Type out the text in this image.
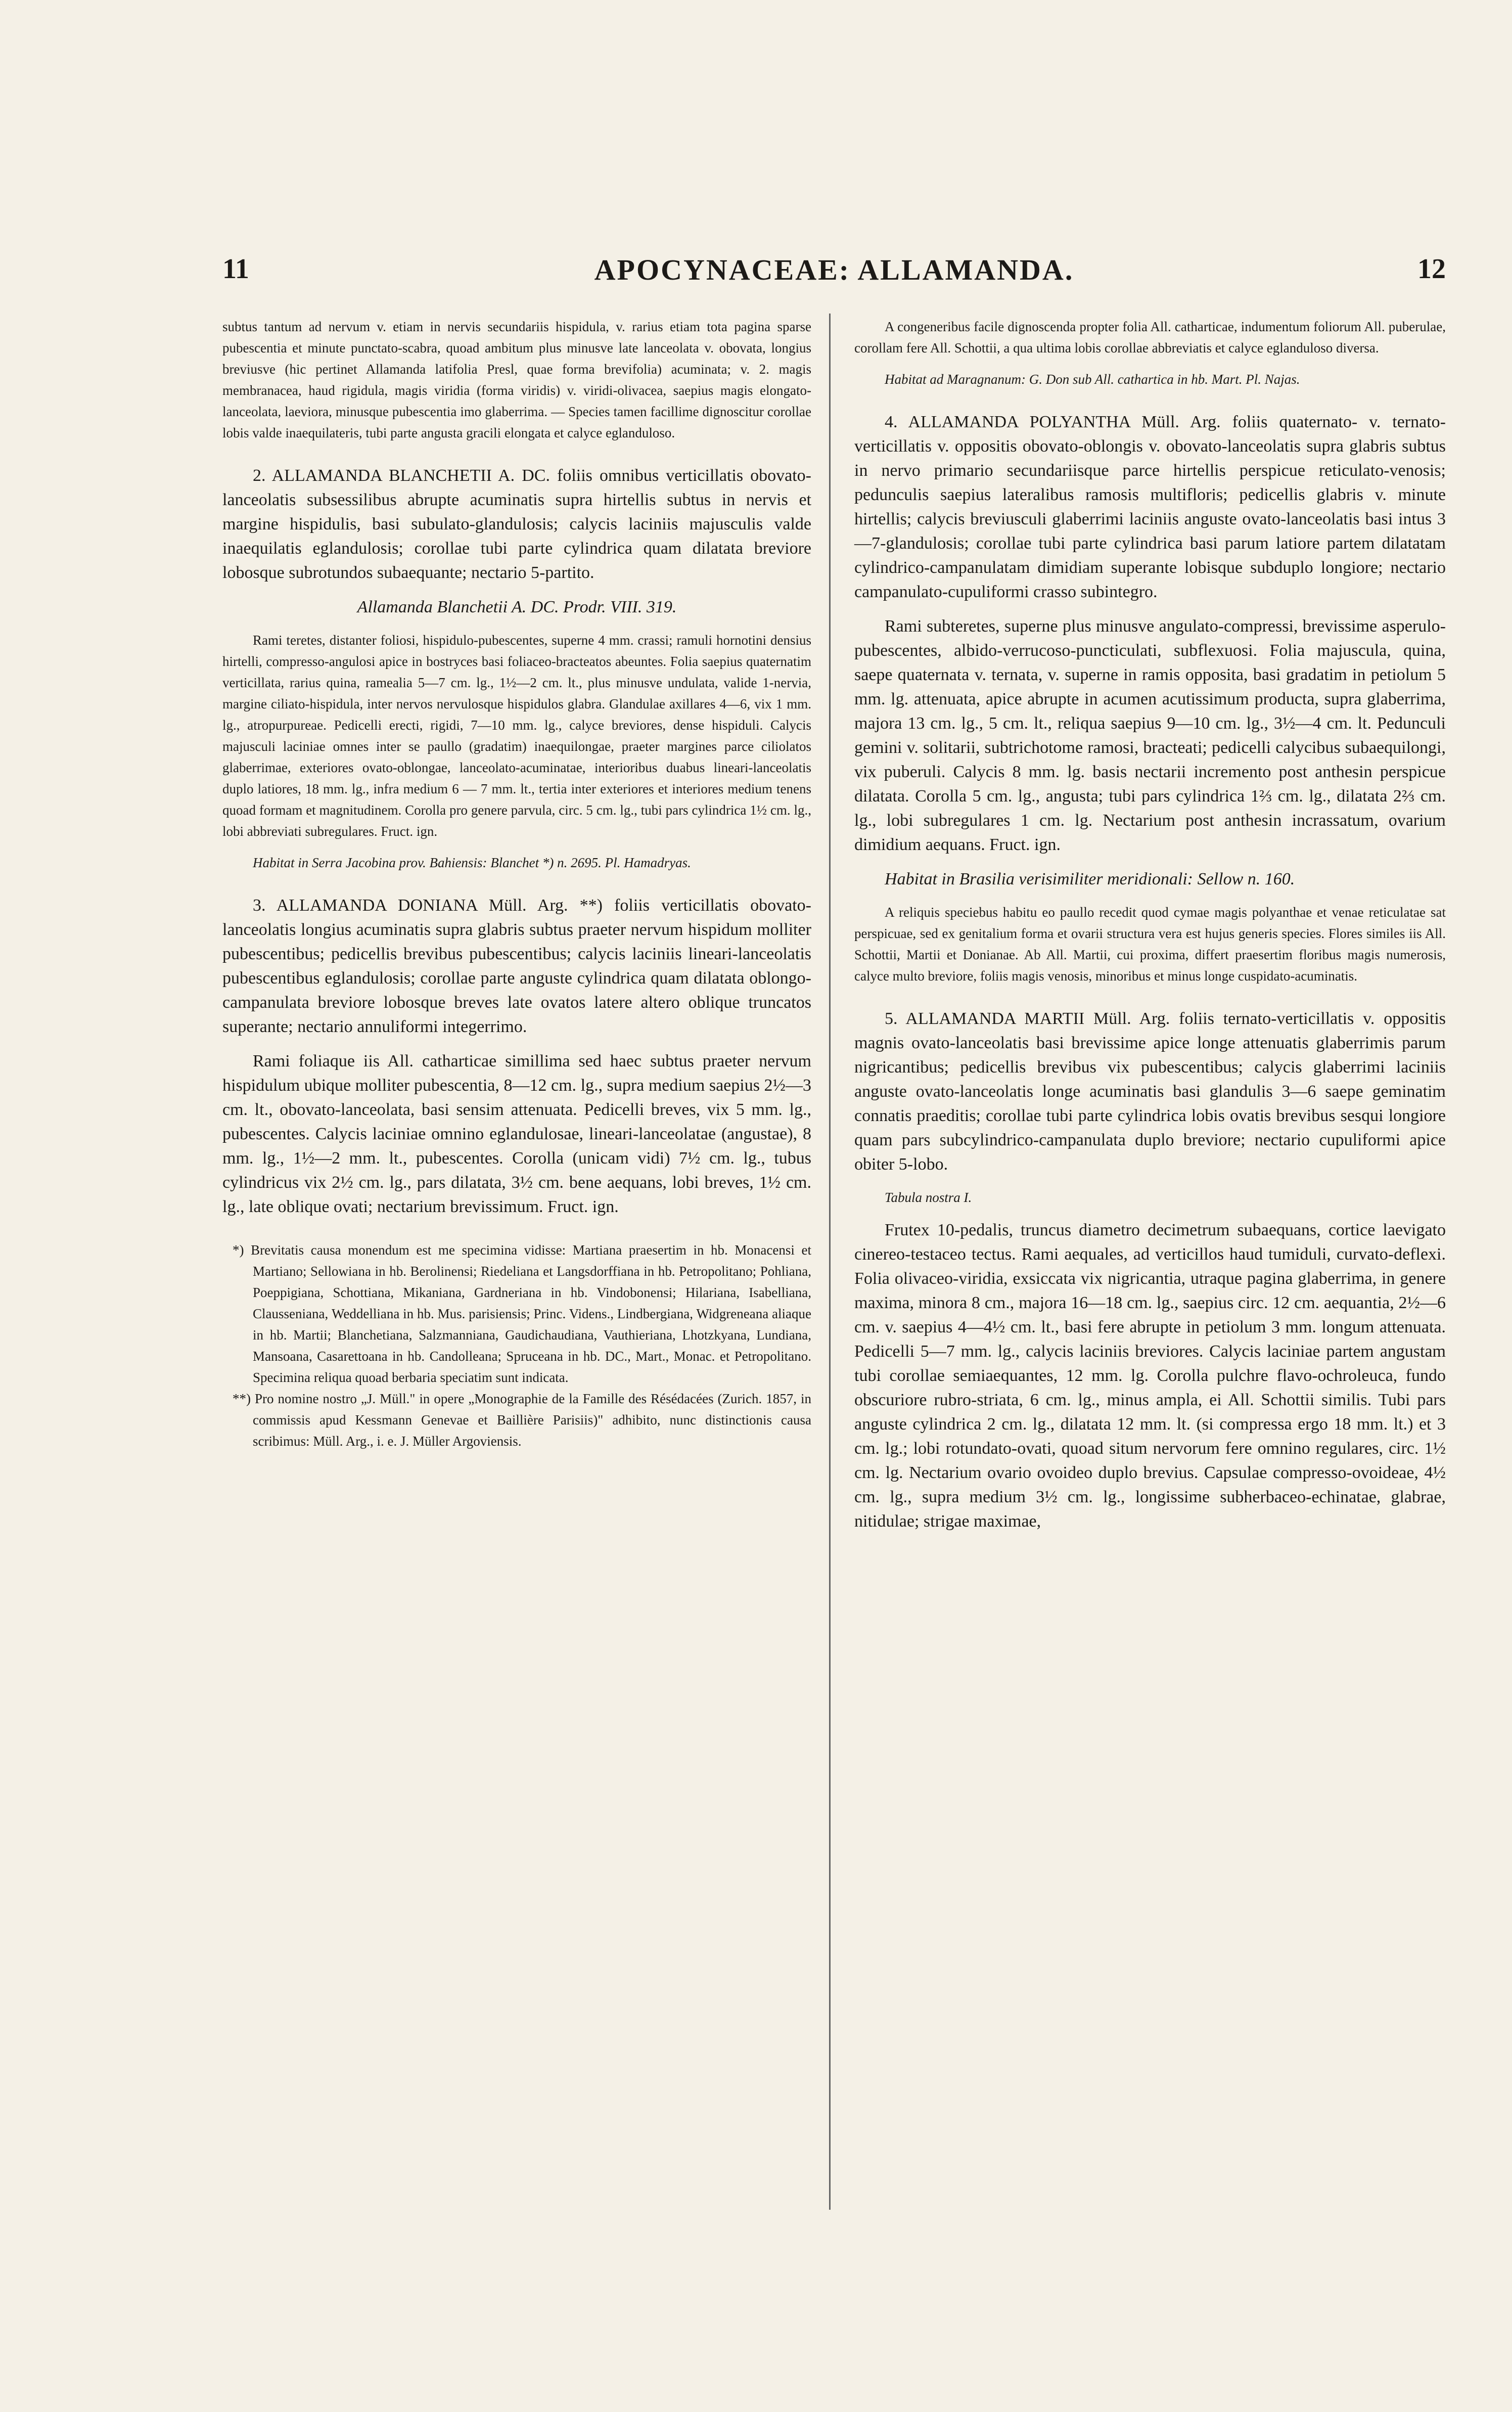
11	APOCYNACEAE: ALLAMANDA.	12

subtus tantum ad nervum v. etiam in nervis secundariis hispidula, v. rarius etiam tota pagina sparse pubescentia et minute punctato-scabra, quoad ambitum plus minusve late lanceolata v. obovata, longius breviusve (hic pertinet Allamanda latifolia Presl, quae forma brevifolia) acuminata; v. 2. magis membranacea, haud rigidula, magis viridia (forma viridis) v. viridi-olivacea, saepius magis elongato-lanceolata, laeviora, minusque pubescentia imo glaberrima. — Species tamen facillime dignoscitur corollae lobis valde inaequilateris, tubi parte angusta gracili elongata et calyce eglanduloso.

2. ALLAMANDA BLANCHETII A. DC. foliis omnibus verticillatis obovato-lanceolatis subsessilibus abrupte acuminatis supra hirtellis subtus in nervis et margine hispidulis, basi subulato-glandulosis; calycis laciniis majusculis valde inaequilatis eglandulosis; corollae tubi parte cylindrica quam dilatata breviore lobosque subrotundos subaequante; nectario 5-partito.

Allamanda Blanchetii A. DC. Prodr. VIII. 319.

Rami teretes, distanter foliosi, hispidulo-pubescentes, superne 4 mm. crassi; ramuli hornotini densius hirtelli, compresso-angulosi apice in bostryces basi foliaceo-bracteatos abeuntes. Folia saepius quaternatim verticillata, rarius quina, ramealia 5—7 cm. lg., 1½—2 cm. lt., plus minusve undulata, valide 1-nervia, margine ciliato-hispidula, inter nervos nervulosque hispidulos glabra. Glandulae axillares 4—6, vix 1 mm. lg., atropurpureae. Pedicelli erecti, rigidi, 7—10 mm. lg., calyce breviores, dense hispiduli. Calycis majusculi laciniae omnes inter se paullo (gradatim) inaequilongae, praeter margines parce ciliolatos glaberrimae, exteriores ovato-oblongae, lanceolato-acuminatae, interioribus duabus lineari-lanceolatis duplo latiores, 18 mm. lg., infra medium 6 — 7 mm. lt., tertia inter exteriores et interiores medium tenens quoad formam et magnitudinem. Corolla pro genere parvula, circ. 5 cm. lg., tubi pars cylindrica 1½ cm. lg., lobi abbreviati subregulares. Fruct. ign.

Habitat in Serra Jacobina prov. Bahiensis: Blanchet *) n. 2695. Pl. Hamadryas.

3. ALLAMANDA DONIANA Müll. Arg. **) foliis verticillatis obovato-lanceolatis longius acuminatis supra glabris subtus praeter nervum hispidum molliter pubescentibus; pedicellis brevibus pubescentibus; calycis laciniis lineari-lanceolatis pubescentibus eglandulosis; corollae parte anguste cylindrica quam dilatata oblongo-campanulata breviore lobosque breves late ovatos latere altero oblique truncatos superante; nectario annuliformi integerrimo.

Rami foliaque iis All. catharticae simillima sed haec subtus praeter nervum hispidulum ubique molliter pubescentia, 8—12 cm. lg., supra medium saepius 2½—3 cm. lt., obovato-lanceolata, basi sensim attenuata. Pedicelli breves, vix 5 mm. lg., pubescentes. Calycis laciniae omnino eglandulosae, lineari-lanceolatae (angustae), 8 mm. lg., 1½—2 mm. lt., pubescentes. Corolla (unicam vidi) 7½ cm. lg., tubus cylindricus vix 2½ cm. lg., pars dilatata, 3½ cm. bene aequans, lobi breves, 1½ cm. lg., late oblique ovati; nectarium brevissimum. Fruct. ign.

*) Brevitatis causa monendum est me specimina vidisse: Martiana praesertim in hb. Monacensi et Martiano; Sellowiana in hb. Berolinensi; Riedeliana et Langsdorffiana in hb. Petropolitano; Pohliana, Poeppigiana, Schottiana, Mikaniana, Gardneriana in hb. Vindobonensi; Hilariana, Isabelliana, Claussenianа, Weddelliana in hb. Mus. parisiensis; Princ. Videns., Lindbergiana, Widgreneana aliaque in hb. Martii; Blanchetiana, Salzmanniana, Gaudichaudiana, Vauthieriana, Lhotzkyana, Lundiana, Mansoana, Casarettoana in hb. Candolleana; Spruceana in hb. DC., Mart., Monac. et Petropolitano. Specimina reliqua quoad berbaria speciatim sunt indicata.

**) Pro nomine nostro „J. Müll." in opere „Monographie de la Famille des Résédacées (Zurich. 1857, in commissis apud Kessmann Genevae et Baillière Parisiis)" adhibito, nunc distinctionis causa scribimus: Müll. Arg., i. e. J. Müller Argoviensis.

A congeneribus facile dignoscenda propter folia All. catharticae, indumentum foliorum All. puberulae, corollam fere All. Schottii, a qua ultima lobis corollae abbreviatis et calyce eglanduloso diversa.

Habitat ad Maragnanum: G. Don sub All. cathartica in hb. Mart. Pl. Najas.

4. ALLAMANDA POLYANTHA Müll. Arg. foliis quaternato- v. ternato-verticillatis v. oppositis obovato-oblongis v. obovato-lanceolatis supra glabris subtus in nervo primario secundariisque parce hirtellis perspicue reticulato-venosis; pedunculis saepius lateralibus ramosis multifloris; pedicellis glabris v. minute hirtellis; calycis breviusculi glaberrimi laciniis anguste ovato-lanceolatis basi intus 3—7-glandulosis; corollae tubi parte cylindrica basi parum latiore partem dilatatam cylindrico-campanulatam dimidiam superante lobisque subduplo longiore; nectario campanulato-cupuliformi crasso subintegro.

Rami subteretes, superne plus minusve angulato-compressi, brevissime asperulo-pubescentes, albido-verrucoso-puncticulati, subflexuosi. Folia majuscula, quina, saepe quaternata v. ternata, v. superne in ramis opposita, basi gradatim in petiolum 5 mm. lg. attenuata, apice abrupte in acumen acutissimum producta, supra glaberrima, majora 13 cm. lg., 5 cm. lt., reliqua saepius 9—10 cm. lg., 3½—4 cm. lt. Pedunculi gemini v. solitarii, subtrichotome ramosi, bracteati; pedicelli calycibus subaequilongi, vix puberuli. Calycis 8 mm. lg. basis nectarii incremento post anthesin perspicue dilatata. Corolla 5 cm. lg., angusta; tubi pars cylindrica 1⅔ cm. lg., dilatata 2⅔ cm. lg., lobi subregulares 1 cm. lg. Nectarium post anthesin incrassatum, ovarium dimidium aequans. Fruct. ign.

Habitat in Brasilia verisimiliter meridionali: Sellow n. 160.

A reliquis speciebus habitu eo paullo recedit quod cymae magis polyanthae et venae reticulatae sat perspicuae, sed ex genitalium forma et ovarii structura vera est hujus generis species. Flores similes iis All. Schottii, Martii et Donianae. Ab All. Martii, cui proxima, differt praesertim floribus magis numerosis, calyce multo breviore, foliis magis venosis, minoribus et minus longe cuspidato-acuminatis.

5. ALLAMANDA MARTII Müll. Arg. foliis ternato-verticillatis v. oppositis magnis ovato-lanceolatis basi brevissime apice longe attenuatis glaberrimis parum nigricantibus; pedicellis brevibus vix pubescentibus; calycis glaberrimi laciniis anguste ovato-lanceolatis longe acuminatis basi glandulis 3—6 saepe geminatim connatis praeditis; corollae tubi parte cylindrica lobis ovatis brevibus sesqui longiore quam pars subcylindrico-campanulata duplo breviore; nectario cupuliformi apice obiter 5-lobo.

Tabula nostra I.

Frutex 10-pedalis, truncus diametro decimetrum subaequans, cortice laevigato cinereo-testaceo tectus. Rami aequales, ad verticillos haud tumiduli, curvato-deflexi. Folia olivaceo-viridia, exsiccata vix nigricantia, utraque pagina glaberrima, in genere maxima, minora 8 cm., majora 16—18 cm. lg., saepius circ. 12 cm. aequantia, 2½—6 cm. v. saepius 4—4½ cm. lt., basi fere abrupte in petiolum 3 mm. longum attenuata. Pedicelli 5—7 mm. lg., calycis laciniis breviores. Calycis laciniae partem angustam tubi corollae semiaequantes, 12 mm. lg. Corolla pulchre flavo-ochroleuca, fundo obscuriore rubro-striata, 6 cm. lg., minus ampla, ei All. Schottii similis. Tubi pars anguste cylindrica 2 cm. lg., dilatata 12 mm. lt. (si compressa ergo 18 mm. lt.) et 3 cm. lg.; lobi rotundato-ovati, quoad situm nervorum fere omnino regulares, circ. 1½ cm. lg. Nectarium ovario ovoideo duplo brevius. Capsulae compresso-ovoideae, 4½ cm. lg., supra medium 3½ cm. lg., longissime subherbaceo-echinatae, glabrae, nitidulae; strigae maximae,
